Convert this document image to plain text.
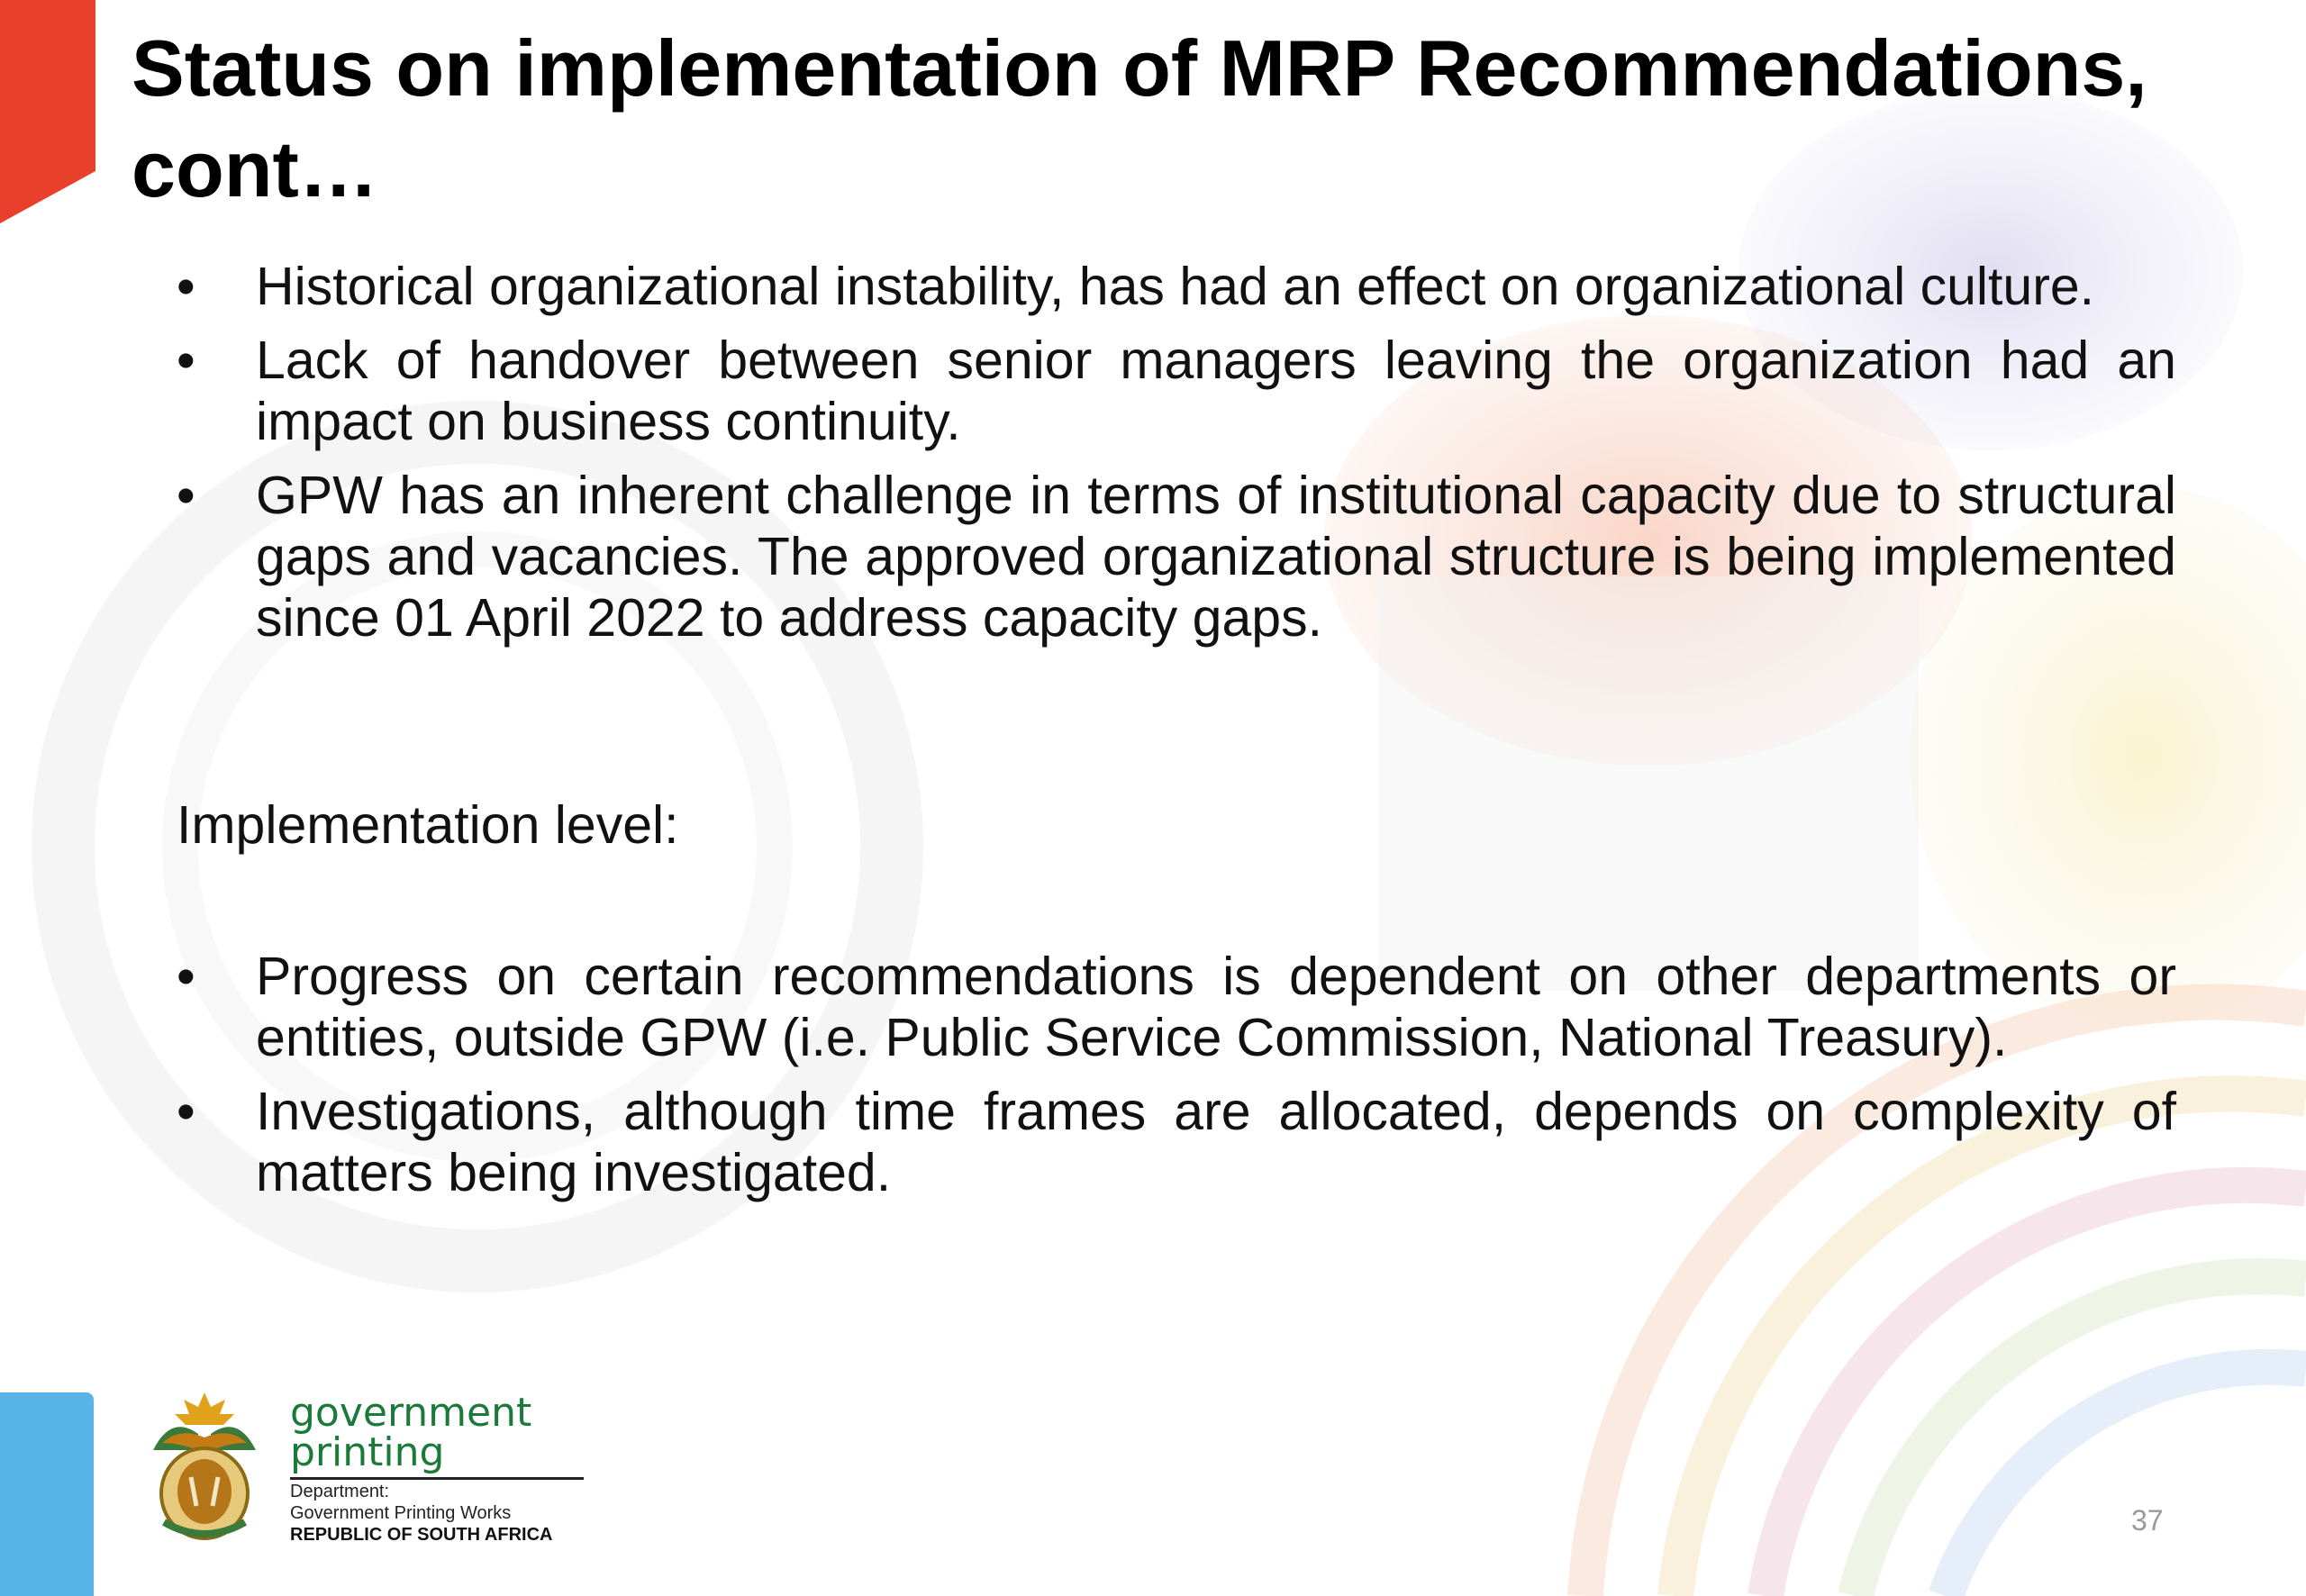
Status on implementation of MRP Recommendations, cont…
•	Historical organizational instability, has had an effect on organizational culture.
•	Lack of handover between senior managers leaving the organization had an impact on business continuity.
•	GPW has an inherent challenge in terms of institutional capacity due to structural gaps and vacancies. The approved organizational structure is being implemented since 01 April 2022 to address capacity gaps.
Implementation level:
•	Progress on certain recommendations is dependent on other departments or entities, outside GPW (i.e. Public Service Commission, National Treasury).
•	Investigations, although time frames are allocated, depends on complexity of matters being investigated.
government
printing
Department:
Government Printing Works
REPUBLIC OF SOUTH AFRICA	37
